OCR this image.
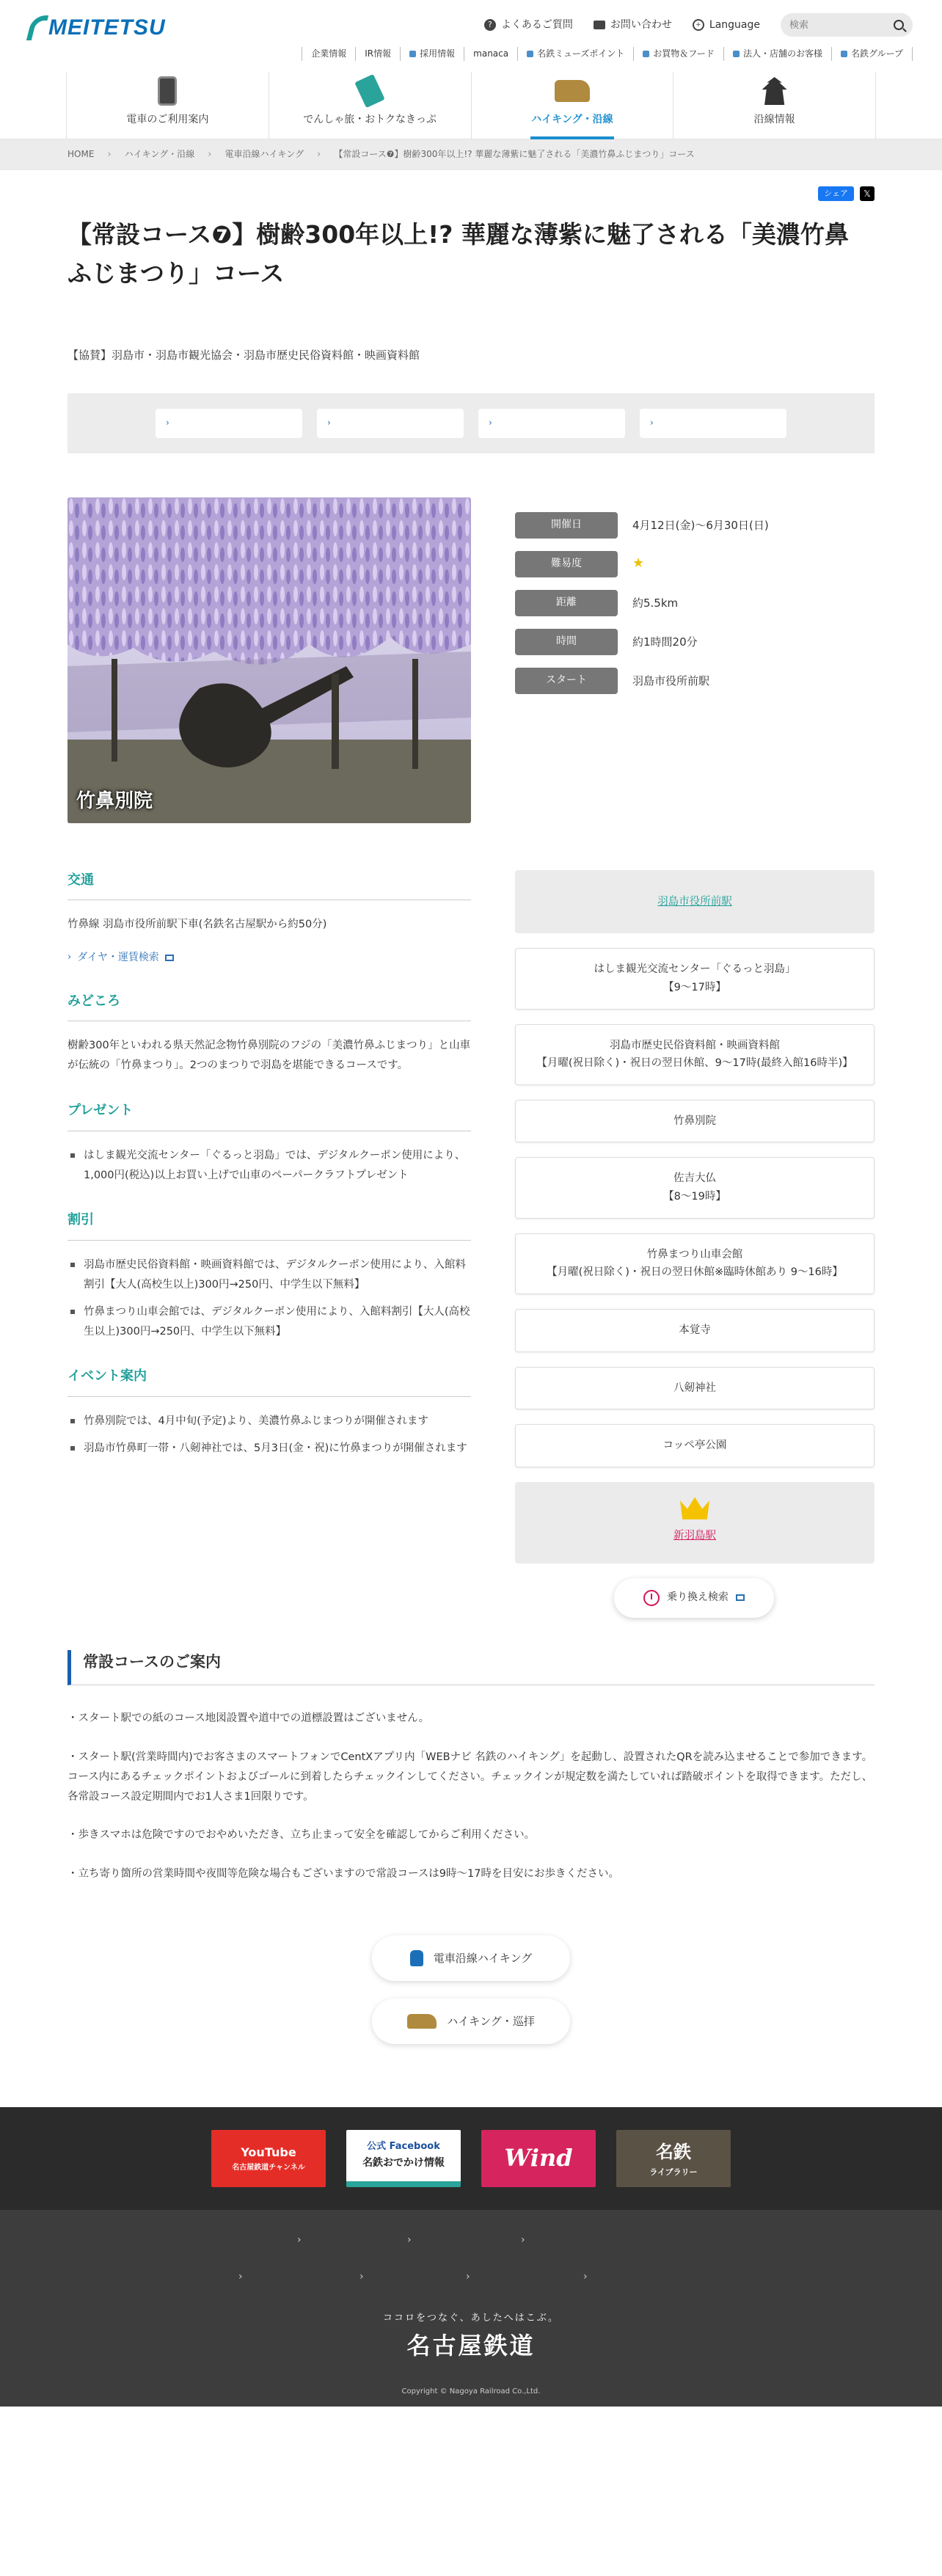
MEITETSU	? よくあるご質問	お問い合わせ	+ Language
検索
企業情報 IR情報	採用情報 manaca	名鉄ミューズポイント	お買物＆フード	法人・店舗のお客様	名鉄グループ
電車のご利用案内	でんしゃ旅・おトクなきっぷ	ハイキング・沿線	沿線情報
HOME › ハイキング・沿線 › 電車沿線ハイキング › 【常設コース❼】樹齢300年以上!? 華麗な薄紫に魅了される「美濃竹鼻ふじまつり」コース
シェア	𝕏
【常設コース❼】樹齢300年以上!? 華麗な薄紫に魅了される「美濃竹鼻ふじまつり」コース

【協賛】羽島市・羽島市観光協会・羽島市歴史民俗資料館・映画資料館

›	›	›	›
竹鼻別院
開催日	4月12日(金)～6月30日(日)
難易度	★
距離	約5.5km
時間	約1時間20分
スタート	羽島市役所前駅
交通

竹鼻線 羽島市役所前駅下車(名鉄名古屋駅から約50分)

› ダイヤ・運賃検索
みどころ

樹齢300年といわれる県天然記念物竹鼻別院のフジの「美濃竹鼻ふじまつり」と山車が伝統の「竹鼻まつり」。2つのまつりで羽島を堪能できるコースです。

プレゼント
はしま観光交流センター「ぐるっと羽島」では、デジタルクーポン使用により、1,000円(税込)以上お買い上げで山車のペーパークラフトプレゼント
割引
羽島市歴史民俗資料館・映画資料館では、デジタルクーポン使用により、入館料割引【大人(高校生以上)300円→250円、中学生以下無料】
竹鼻まつり山車会館では、デジタルクーポン使用により、入館料割引【大人(高校生以上)300円→250円、中学生以下無料】
イベント案内
竹鼻別院では、4月中旬(予定)より、美濃竹鼻ふじまつりが開催されます
羽島市竹鼻町一帯・八剱神社では、5月3日(金・祝)に竹鼻まつりが開催されます
羽島市役所前駅
はしま観光交流センター「ぐるっと羽島」
【9～17時】
羽島市歴史民俗資料館・映画資料館
【月曜(祝日除く)・祝日の翌日休館、9～17時(最終入館16時半)】
竹鼻別院
佐吉大仏
【8～19時】
竹鼻まつり山車会館
【月曜(祝日除く)・祝日の翌日休館※臨時休館あり 9～16時】
本覚寺
八剱神社
コッペ亭公園
新羽島駅
乗り換え検索
常設コースのご案内

・スタート駅での紙のコース地図設置や道中での道標設置はございません。

・スタート駅(営業時間内)でお客さまのスマートフォンでCentXアプリ内「WEBナビ 名鉄のハイキング」を起動し、設置されたQRを読み込ませることで参加できます。コース内にあるチェックポイントおよびゴールに到着したらチェックインしてください。チェックインが規定数を満たしていれば踏破ポイントを取得できます。ただし、各常設コース設定期間内でお1人さま1回限りです。

・歩きスマホは危険ですのでおやめいただき、立ち止まって安全を確認してからご利用ください。

・立ち寄り箇所の営業時間や夜間等危険な場合もございますので常設コースは9時～17時を目安にお歩きください。

電車沿線ハイキング
ハイキング・巡拝
YouTube
名古屋鉄道チャンネル
公式 Facebook
名鉄おでかけ情報	Wind	名鉄
ライブラリー
›	›	›
›	›	›	›
ココロをつなぐ、あしたへはこぶ。
名古屋鉄道
Copyright © Nagoya Railroad Co.,Ltd.
